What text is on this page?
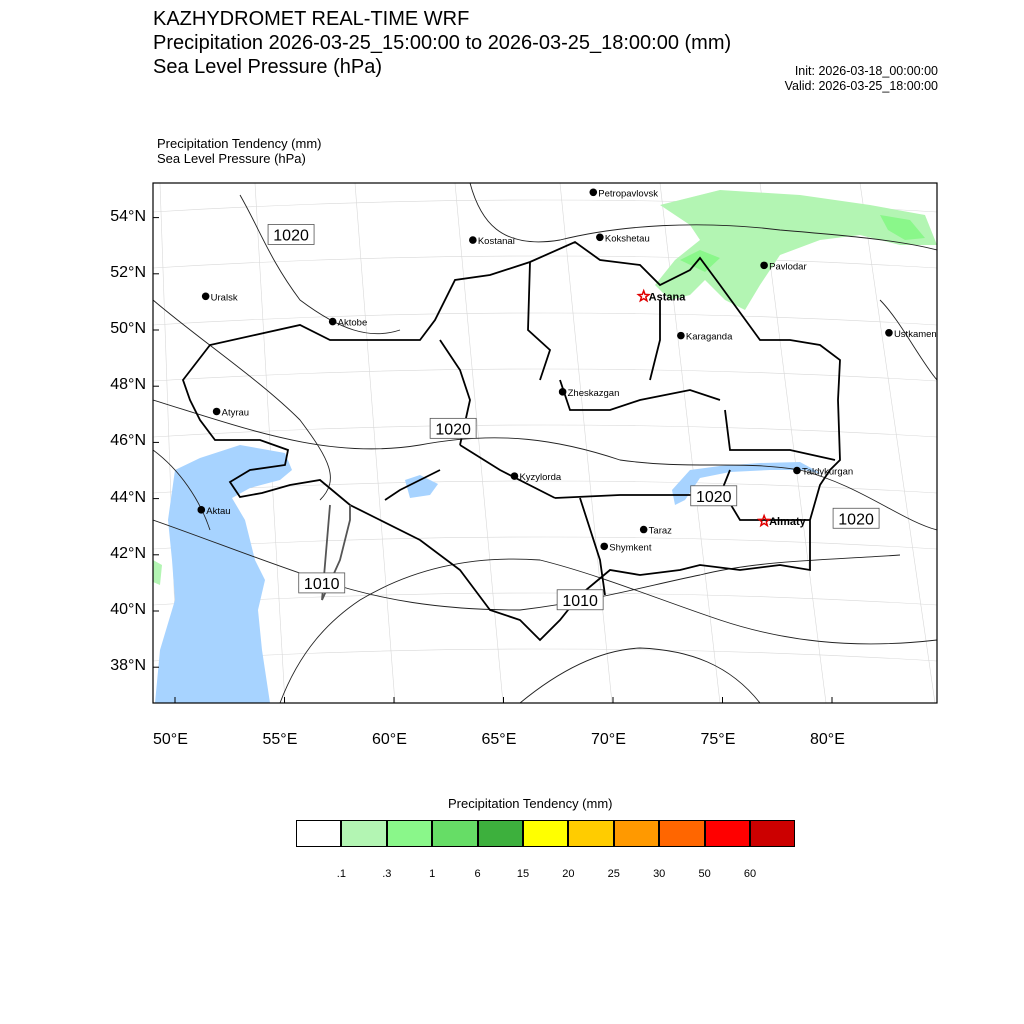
KAZHYDROMET REAL-TIME WRF
Precipitation 2026-03-25_15:00:00 to 2026-03-25_18:00:00 (mm)
Sea Level Pressure (hPa)	Init: 2026-03-18_00:00:00
Valid: 2026-03-25_18:00:00
Precipitation Tendency (mm)
Sea Level Pressure (hPa)
Petropavlovsk
Kostanai	Kokshetau
Pavlodar
Uralsk	Astana
Ustkamen
Aktobe
Karaganda
Atyrau
Zheskazgan
Taldykurgan
Aktau
Kyzylorda
Almaty
Taraz
Shymkent
1020
1020
1020
1020
1010
1010
54°N
52°N
50°N
48°N
46°N
44°N
42°N
40°N
38°N
50°E	55°E	60°E	65°E	70°E	75°E	80°E
Precipitation Tendency (mm)
.1	.3	1	6	15	20	25	30	50	60
